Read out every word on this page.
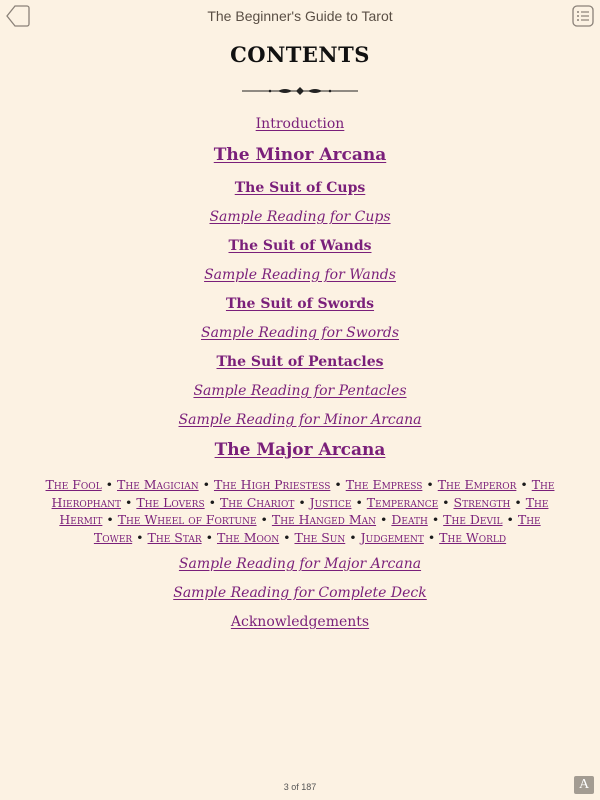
The Beginner's Guide to Tarot
CONTENTS
Introduction
The Minor Arcana
The Suit of Cups
Sample Reading for Cups
The Suit of Wands
Sample Reading for Wands
The Suit of Swords
Sample Reading for Swords
The Suit of Pentacles
Sample Reading for Pentacles
Sample Reading for Minor Arcana
The Major Arcana
The Fool • The Magician • The High Priestess • The Empress • The Emperor • The Hierophant • The Lovers • The Chariot • Justice • Temperance • Strength • The Hermit • The Wheel of Fortune • The Hanged Man • Death • The Devil • The Tower • The Star • The Moon • The Sun • Judgement • The World
Sample Reading for Major Arcana
Sample Reading for Complete Deck
Acknowledgements
3 of 187	A
